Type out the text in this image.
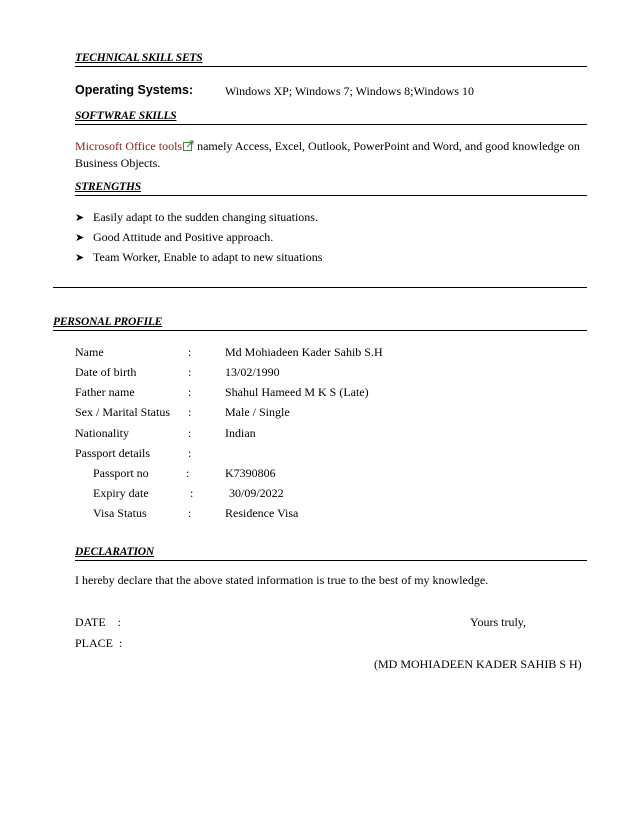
TECHNICAL SKILL SETS
Operating Systems:	Windows XP; Windows 7; Windows 8;Windows 10
SOFTWRAE SKILLS
Microsoft Office tools namely Access, Excel, Outlook, PowerPoint and Word, and good knowledge on
Business Objects.
STRENGTHS
➤ Easily adapt to the sudden changing situations.
➤ Good Attitude and Positive approach.
➤ Team Worker, Enable to adapt to new situations
PERSONAL PROFILE
Name	:	Md Mohiadeen Kader Sahib S.H
Date of birth	:	13/02/1990
Father name	:	Shahul Hameed M K S (Late)
Sex / Marital Status :	Male / Single
Nationality	:	Indian
Passport details	:
Passport no	:	K7390806
Expiry date	:	30/09/2022
Visa Status	:	Residence Visa
DECLARATION
I hereby declare that the above stated information is true to the best of my knowledge.
DATE    :	Yours truly,
PLACE  :
(MD MOHIADEEN KADER SAHIB S H)
